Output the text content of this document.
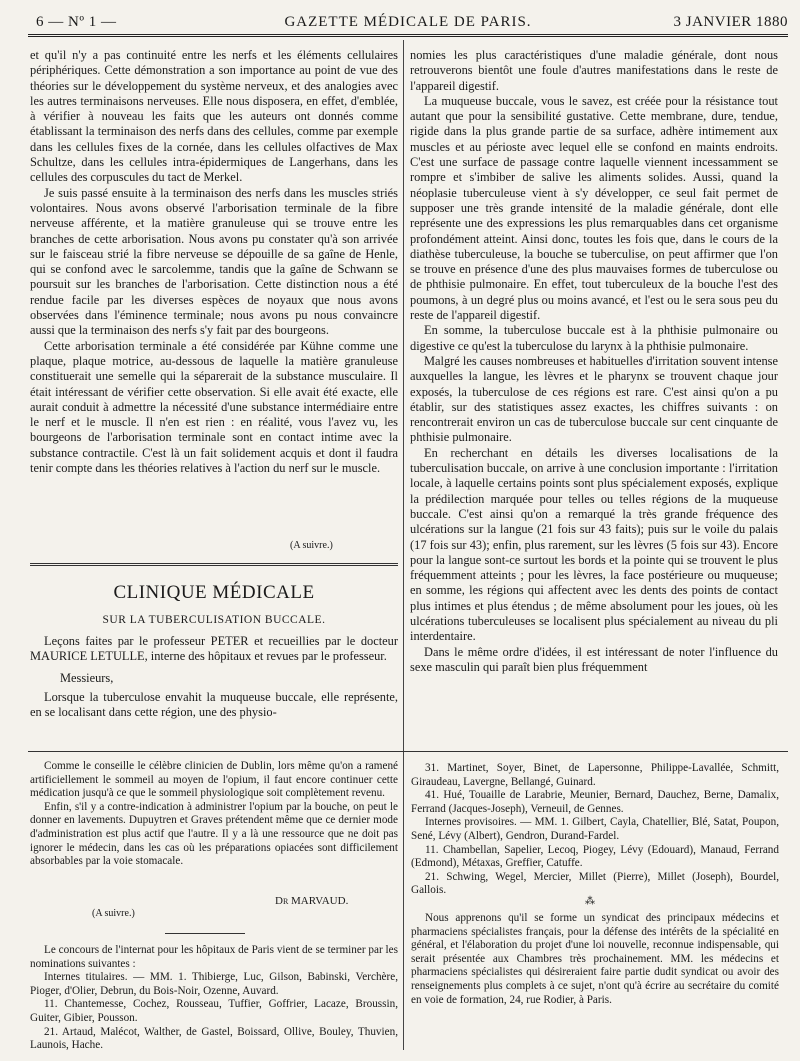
6 — Nº 1 —	GAZETTE MÉDICALE DE PARIS.	3 JANVIER 1880

et qu'il n'y a pas continuité entre les nerfs et les éléments cellulaires périphériques. Cette démonstration a son importance au point de vue des théories sur le développement du système nerveux, et des analogies avec les autres terminaisons nerveuses. Elle nous disposera, en effet, d'emblée, à vérifier à nouveau les faits que les auteurs ont donnés comme établissant la terminaison des nerfs dans des cellules, comme par exemple dans les cellules fixes de la cornée, dans les cellules olfactives de Max Schultze, dans les cellules intra-épidermiques de Langerhans, dans les cellules des corpuscules du tact de Merkel.

Je suis passé ensuite à la terminaison des nerfs dans les muscles striés volontaires. Nous avons observé l'arborisation terminale de la fibre nerveuse afférente, et la matière granuleuse qui se trouve entre les branches de cette arborisation. Nous avons pu constater qu'à son arrivée sur le faisceau strié la fibre nerveuse se dépouille de sa gaîne de Henle, qui se confond avec le sarcolemme, tandis que la gaîne de Schwann se poursuit sur les branches de l'arborisation. Cette distinction nous a été rendue facile par les diverses espèces de noyaux que nous avons observées dans l'éminence terminale; nous avons pu nous convaincre aussi que la terminaison des nerfs s'y fait par des bourgeons.

Cette arborisation terminale a été considérée par Kühne comme une plaque, plaque motrice, au-dessous de laquelle la matière granuleuse constituerait une semelle qui la séparerait de la substance musculaire. Il était intéressant de vérifier cette observation. Si elle avait été exacte, elle aurait conduit à admettre la nécessité d'une substance intermédiaire entre le nerf et le muscle. Il n'en est rien : en réalité, vous l'avez vu, les bourgeons de l'arborisation terminale sont en contact intime avec la substance contractile. C'est là un fait solidement acquis et dont il faudra tenir compte dans les théories relatives à l'action du nerf sur le muscle.

(A suivre.)
CLINIQUE MÉDICALE
SUR LA TUBERCULISATION BUCCALE.

Leçons faites par le professeur PETER et recueillies par le docteur MAURICE LETULLE, interne des hôpitaux et revues par le professeur.

Messieurs,

Lorsque la tuberculose envahit la muqueuse buccale, elle représente, en se localisant dans cette région, une des physio-

nomies les plus caractéristiques d'une maladie générale, dont nous retrouverons bientôt une foule d'autres manifestations dans le reste de l'appareil digestif.

La muqueuse buccale, vous le savez, est créée pour la résistance tout autant que pour la sensibilité gustative. Cette membrane, dure, tendue, rigide dans la plus grande partie de sa surface, adhère intimement aux muscles et au périoste avec lequel elle se confond en maints endroits. C'est une surface de passage contre laquelle viennent incessamment se rompre et s'imbiber de salive les aliments solides. Aussi, quand la néoplasie tuberculeuse vient à s'y développer, ce seul fait permet de supposer une très grande intensité de la maladie générale, dont elle représente une des expressions les plus remarquables dans cet organisme profondément atteint. Ainsi donc, toutes les fois que, dans le cours de la diathèse tuberculeuse, la bouche se tuberculise, on peut affirmer que l'on se trouve en présence d'une des plus mauvaises formes de tuberculose ou de phthisie pulmonaire. En effet, tout tuberculeux de la bouche l'est des poumons, à un degré plus ou moins avancé, et l'est ou le sera sous peu du reste de l'appareil digestif.

En somme, la tuberculose buccale est à la phthisie pulmonaire ou digestive ce qu'est la tuberculose du larynx à la phthisie pulmonaire.

Malgré les causes nombreuses et habituelles d'irritation souvent intense auxquelles la langue, les lèvres et le pharynx se trouvent chaque jour exposés, la tuberculose de ces régions est rare. C'est ainsi qu'on a pu établir, sur des statistiques assez exactes, les chiffres suivants : on rencontrerait environ un cas de tuberculose buccale sur cent cinquante de phthisie pulmonaire.

En recherchant en détails les diverses localisations de la tuberculisation buccale, on arrive à une conclusion importante : l'irritation locale, à laquelle certains points sont plus spécialement exposés, explique la prédilection marquée pour telles ou telles régions de la muqueuse buccale. C'est ainsi qu'on a remarqué la très grande fréquence des ulcérations sur la langue (21 fois sur 43 faits); puis sur le voile du palais (17 fois sur 43); enfin, plus rarement, sur les lèvres (5 fois sur 43). Encore pour la langue sont-ce surtout les bords et la pointe qui se trouvent le plus fréquemment atteints ; pour les lèvres, la face postérieure ou muqueuse; en somme, les régions qui affectent avec les dents des points de contact plus intimes et plus étendus ; de même absolument pour les joues, où les ulcérations tuberculeuses se localisent plus spécialement au niveau du pli interdentaire.

Dans le même ordre d'idées, il est intéressant de noter l'influence du sexe masculin qui paraît bien plus fréquemment

Comme le conseille le célèbre clinicien de Dublin, lors même qu'on a ramené artificiellement le sommeil au moyen de l'opium, il faut encore continuer cette médication jusqu'à ce que le sommeil physiologique soit complètement revenu.

Enfin, s'il y a contre-indication à administrer l'opium par la bouche, on peut le donner en lavements. Dupuytren et Graves prétendent même que ce dernier mode d'administration est plus actif que l'autre. Il y a là une ressource que ne doit pas ignorer le médecin, dans les cas où les préparations opiacées sont difficilement absorbables par la voie stomacale.

Dr MARVAUD.
(A suivre.)

Le concours de l'internat pour les hôpitaux de Paris vient de se terminer par les nominations suivantes :

Internes titulaires. — MM. 1. Thibierge, Luc, Gilson, Babinski, Verchère, Pioger, d'Olier, Debrun, du Bois-Noir, Ozenne, Auvard.

11. Chantemesse, Cochez, Rousseau, Tuffier, Goffrier, Lacaze, Broussin, Guiter, Gibier, Pousson.

21. Artaud, Malécot, Walther, de Gastel, Boissard, Ollive, Bouley, Thuvien, Launois, Hache.

31. Martinet, Soyer, Binet, de Lapersonne, Philippe-Lavallée, Schmitt, Giraudeau, Lavergne, Bellangé, Guinard.

41. Hué, Touaille de Larabrie, Meunier, Bernard, Dauchez, Berne, Damalix, Ferrand (Jacques-Joseph), Verneuil, de Gennes.

Internes provisoires. — MM. 1. Gilbert, Cayla, Chatellier, Blé, Satat, Poupon, Sené, Lévy (Albert), Gendron, Durand-Fardel.

11. Chambellan, Sapelier, Lecoq, Piogey, Lévy (Edouard), Manaud, Ferrand (Edmond), Métaxas, Greffier, Catuffe.

21. Schwing, Wegel, Mercier, Millet (Pierre), Millet (Joseph), Bourdel, Gallois.

⁂

Nous apprenons qu'il se forme un syndicat des principaux médecins et pharmaciens spécialistes français, pour la défense des intérêts de la spécialité en général, et l'élaboration du projet d'une loi nouvelle, reconnue indispensable, qui serait présentée aux Chambres très prochainement. MM. les médecins et pharmaciens spécialistes qui désireraient faire partie dudit syndicat ou avoir des renseignements plus complets à ce sujet, n'ont qu'à écrire au secrétaire du comité en voie de formation, 24, rue Rodier, à Paris.
